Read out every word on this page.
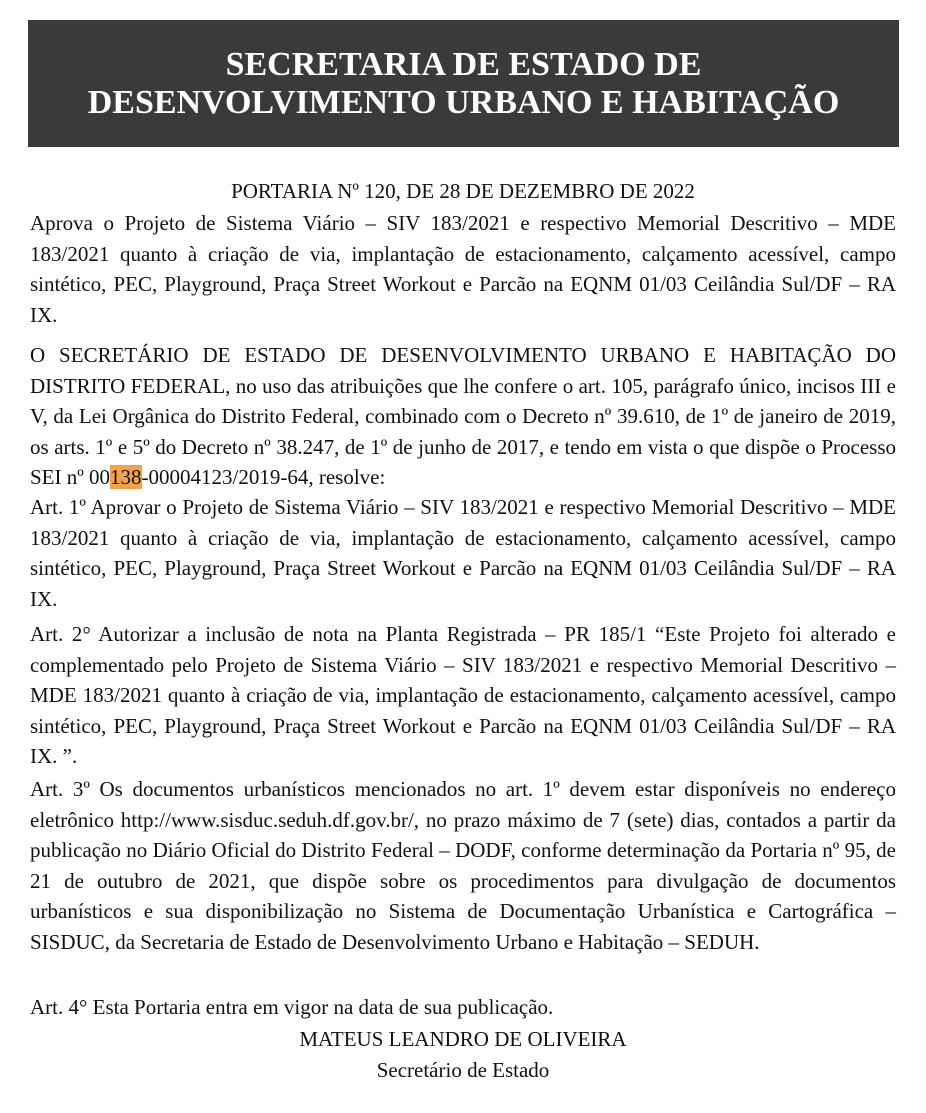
SECRETARIA DE ESTADO DE
DESENVOLVIMENTO URBANO E HABITAÇÃO
PORTARIA Nº 120, DE 28 DE DEZEMBRO DE 2022
Aprova o Projeto de Sistema Viário – SIV 183/2021 e respectivo Memorial Descritivo – MDE 183/2021 quanto à criação de via, implantação de estacionamento, calçamento acessível, campo sintético, PEC, Playground, Praça Street Workout e Parcão na EQNM 01/03 Ceilândia Sul/DF – RA IX.
O SECRETÁRIO DE ESTADO DE DESENVOLVIMENTO URBANO E HABITAÇÃO DO DISTRITO FEDERAL, no uso das atribuições que lhe confere o art. 105, parágrafo único, incisos III e V, da Lei Orgânica do Distrito Federal, combinado com o Decreto nº 39.610, de 1º de janeiro de 2019, os arts. 1º e 5º do Decreto nº 38.247, de 1º de junho de 2017, e tendo em vista o que dispõe o Processo SEI nº 00138-00004123/2019-64, resolve:
Art. 1º Aprovar o Projeto de Sistema Viário – SIV 183/2021 e respectivo Memorial Descritivo – MDE 183/2021 quanto à criação de via, implantação de estacionamento, calçamento acessível, campo sintético, PEC, Playground, Praça Street Workout e Parcão na EQNM 01/03 Ceilândia Sul/DF – RA IX.
Art. 2° Autorizar a inclusão de nota na Planta Registrada – PR 185/1 “Este Projeto foi alterado e complementado pelo Projeto de Sistema Viário – SIV 183/2021 e respectivo Memorial Descritivo – MDE 183/2021 quanto à criação de via, implantação de estacionamento, calçamento acessível, campo sintético, PEC, Playground, Praça Street Workout e Parcão na EQNM 01/03 Ceilândia Sul/DF – RA IX. ”.
Art. 3º Os documentos urbanísticos mencionados no art. 1º devem estar disponíveis no endereço eletrônico http://www.sisduc.seduh.df.gov.br/, no prazo máximo de 7 (sete) dias, contados a partir da publicação no Diário Oficial do Distrito Federal – DODF, conforme determinação da Portaria nº 95, de 21 de outubro de 2021, que dispõe sobre os procedimentos para divulgação de documentos urbanísticos e sua disponibilização no Sistema de Documentação Urbanística e Cartográfica – SISDUC, da Secretaria de Estado de Desenvolvimento Urbano e Habitação – SEDUH.
Art. 4° Esta Portaria entra em vigor na data de sua publicação.
MATEUS LEANDRO DE OLIVEIRA
Secretário de Estado
